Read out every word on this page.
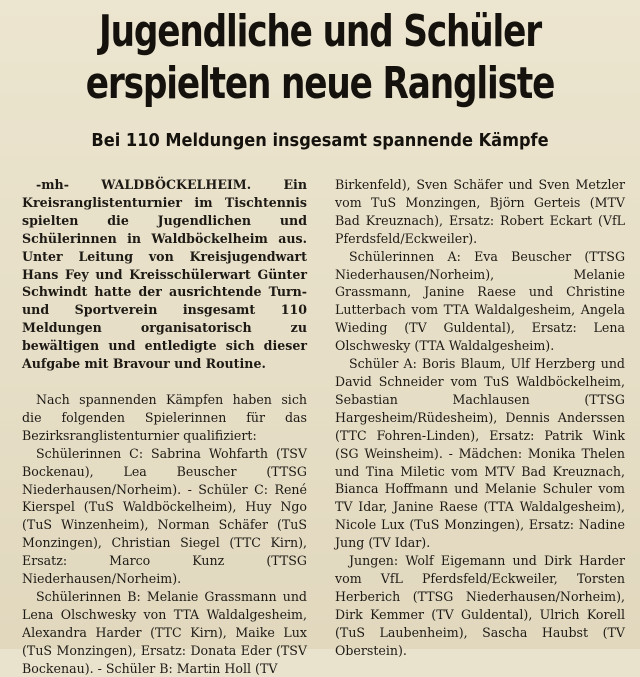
Jugendliche und Schüler
erspielten neue Rangliste
Bei 110 Meldungen insgesamt spannende Kämpfe

-mh- WALDBÖCKELHEIM. Ein Kreisranglistenturnier im Tischtennis spielten die Jugendlichen und Schülerinnen in Waldböckelheim aus. Unter Leitung von Kreisjugendwart Hans Fey und Kreisschülerwart Günter Schwindt hatte der ausrichtende Turn- und Sportverein insgesamt 110 Meldungen organisatorisch zu bewältigen und entledigte sich dieser Aufgabe mit Bravour und Routine.

Nach spannenden Kämpfen haben sich die folgenden Spielerinnen für das Bezirksranglistenturnier qualifiziert:

Schülerinnen C: Sabrina Wohfarth (TSV Bockenau), Lea Beuscher (TTSG Niederhausen/Norheim). - Schüler C: René Kierspel (TuS Waldböckelheim), Huy Ngo (TuS Winzenheim), Norman Schäfer (TuS Monzingen), Christian Siegel (TTC Kirn), Ersatz: Marco Kunz (TTSG Niederhausen/Norheim).

Schülerinnen B: Melanie Grassmann und Lena Olschwesky von TTA Waldalgesheim, Alexandra Harder (TTC Kirn), Maike Lux (TuS Monzingen), Ersatz: Donata Eder (TSV Bockenau). - Schüler B: Martin Holl (TV

Birkenfeld), Sven Schäfer und Sven Metzler vom TuS Monzingen, Björn Gerteis (MTV Bad Kreuznach), Ersatz: Robert Eckart (VfL Pferdsfeld/Eckweiler).

Schülerinnen A: Eva Beuscher (TTSG Niederhausen/Norheim), Melanie Grassmann, Janine Raese und Christine Lutterbach vom TTA Waldalgesheim, Angela Wieding (TV Guldental), Ersatz: Lena Olschwesky (TTA Waldalgesheim).

Schüler A: Boris Blaum, Ulf Herzberg und David Schneider vom TuS Waldböckelheim, Sebastian Machlausen (TTSG Hargesheim/Rüdesheim), Dennis Anderssen (TTC Fohren-Linden), Ersatz: Patrik Wink (SG Weinsheim). - Mädchen: Monika Thelen und Tina Miletic vom MTV Bad Kreuznach, Bianca Hoffmann und Melanie Schuler vom TV Idar, Janine Raese (TTA Waldalgesheim), Nicole Lux (TuS Monzingen), Ersatz: Nadine Jung (TV Idar).

Jungen: Wolf Eigemann und Dirk Harder vom VfL Pferdsfeld/Eckweiler, Torsten Herberich (TTSG Niederhausen/Norheim), Dirk Kemmer (TV Guldental), Ulrich Korell (TuS Laubenheim), Sascha Haubst (TV Oberstein).
